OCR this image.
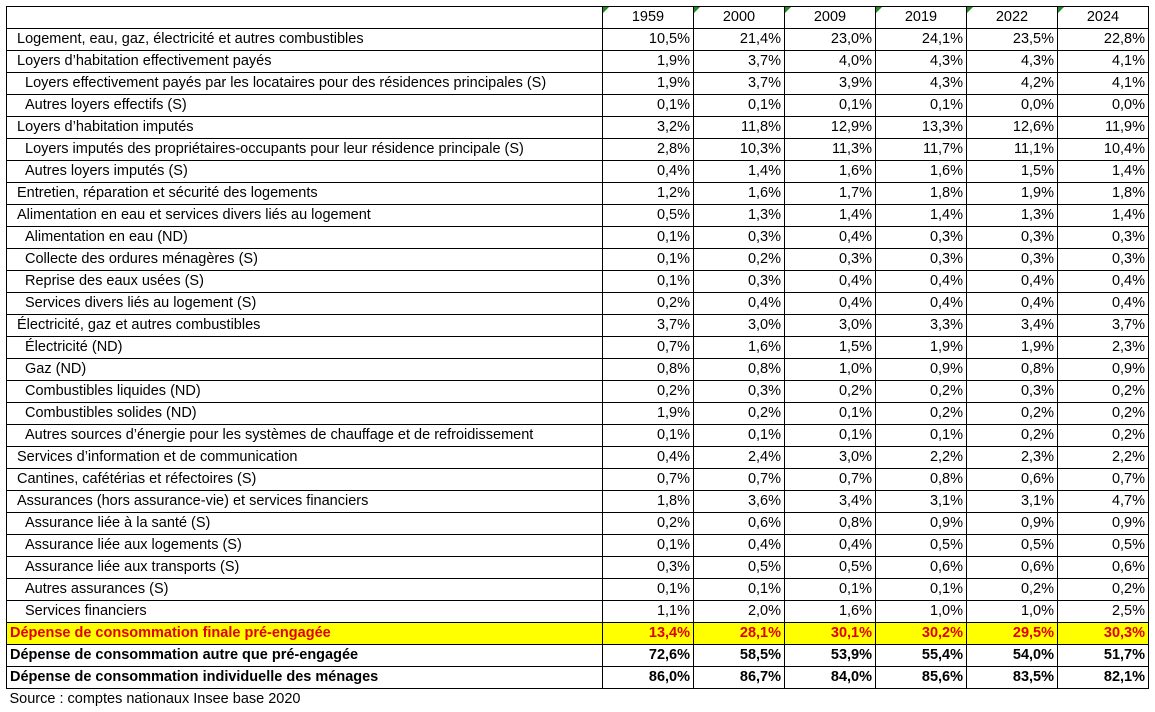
	1959	2000	2009	2019	2022	2024
Logement, eau, gaz, électricité et autres combustibles	10,5%	21,4%	23,0%	24,1%	23,5%	22,8%
Loyers d’habitation effectivement payés	1,9%	3,7%	4,0%	4,3%	4,3%	4,1%
Loyers effectivement payés par les locataires pour des résidences principales (S)	1,9%	3,7%	3,9%	4,3%	4,2%	4,1%
Autres loyers effectifs (S)	0,1%	0,1%	0,1%	0,1%	0,0%	0,0%
Loyers d’habitation imputés	3,2%	11,8%	12,9%	13,3%	12,6%	11,9%
Loyers imputés des propriétaires-occupants pour leur résidence principale (S)	2,8%	10,3%	11,3%	11,7%	11,1%	10,4%
Autres loyers imputés (S)	0,4%	1,4%	1,6%	1,6%	1,5%	1,4%
Entretien, réparation et sécurité des logements	1,2%	1,6%	1,7%	1,8%	1,9%	1,8%
Alimentation en eau et services divers liés au logement	0,5%	1,3%	1,4%	1,4%	1,3%	1,4%
Alimentation en eau (ND)	0,1%	0,3%	0,4%	0,3%	0,3%	0,3%
Collecte des ordures ménagères (S)	0,1%	0,2%	0,3%	0,3%	0,3%	0,3%
Reprise des eaux usées (S)	0,1%	0,3%	0,4%	0,4%	0,4%	0,4%
Services divers liés au logement (S)	0,2%	0,4%	0,4%	0,4%	0,4%	0,4%
Électricité, gaz et autres combustibles	3,7%	3,0%	3,0%	3,3%	3,4%	3,7%
Électricité (ND)	0,7%	1,6%	1,5%	1,9%	1,9%	2,3%
Gaz (ND)	0,8%	0,8%	1,0%	0,9%	0,8%	0,9%
Combustibles liquides (ND)	0,2%	0,3%	0,2%	0,2%	0,3%	0,2%
Combustibles solides (ND)	1,9%	0,2%	0,1%	0,2%	0,2%	0,2%
Autres sources d’énergie pour les systèmes de chauffage et de refroidissement	0,1%	0,1%	0,1%	0,1%	0,2%	0,2%
Services d’information et de communication	0,4%	2,4%	3,0%	2,2%	2,3%	2,2%
Cantines, cafétérias et réfectoires (S)	0,7%	0,7%	0,7%	0,8%	0,6%	0,7%
Assurances (hors assurance-vie) et services financiers	1,8%	3,6%	3,4%	3,1%	3,1%	4,7%
Assurance liée à la santé (S)	0,2%	0,6%	0,8%	0,9%	0,9%	0,9%
Assurance liée aux logements (S)	0,1%	0,4%	0,4%	0,5%	0,5%	0,5%
Assurance liée aux transports (S)	0,3%	0,5%	0,5%	0,6%	0,6%	0,6%
Autres assurances (S)	0,1%	0,1%	0,1%	0,1%	0,2%	0,2%
Services financiers	1,1%	2,0%	1,6%	1,0%	1,0%	2,5%
Dépense de consommation finale pré-engagée	13,4%	28,1%	30,1%	30,2%	29,5%	30,3%
Dépense de consommation autre que pré-engagée	72,6%	58,5%	53,9%	55,4%	54,0%	51,7%
Dépense de consommation individuelle des ménages	86,0%	86,7%	84,0%	85,6%	83,5%	82,1%
Source : comptes nationaux Insee base 2020						
